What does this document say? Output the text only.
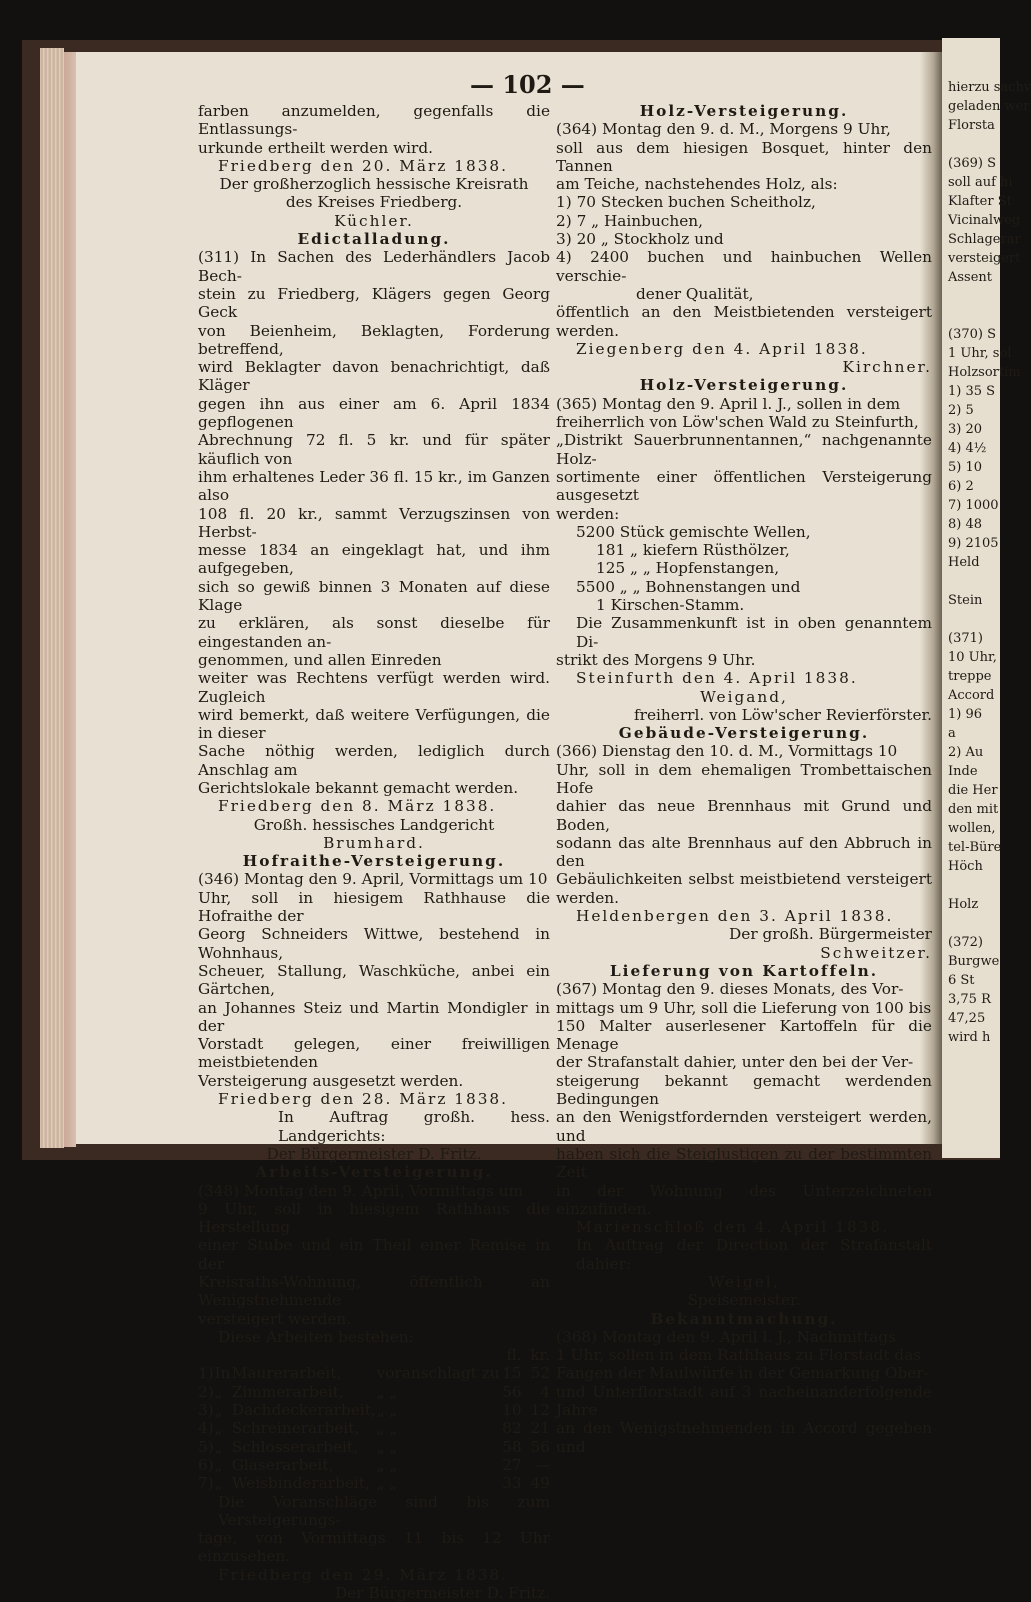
hierzu sachv
geladen wer
Florsta

(369) S
soll auf hi
Klafter St
Vicinalweg
Schlagerar
versteigert
Assent

(370) S
1 Uhr, sol
Holzsortim
1) 35 S
2) 5
3) 20
4) 4½
5) 10
6) 2
7) 1000
8) 48
9) 2105
Held

Stein

(371)
10 Uhr,
treppe
Accord
1) 96
a
2) Au
Inde
die Her
den mit
wollen,
tel-Büre
Höch

Holz

(372)
Burgwe
6 St
3,75 R
47,25
wird h
— 102 —

farben anzumelden, gegenfalls die Entlassungs-

urkunde ertheilt werden wird.

Friedberg den 20. März 1838.

Der großherzoglich hessische Kreisrath

des Kreises Friedberg.

Küchler.

Edictalladung.

(311) In Sachen des Lederhändlers Jacob Bech-

stein zu Friedberg, Klägers gegen Georg Geck

von Beienheim, Beklagten, Forderung betreffend,

wird Beklagter davon benachrichtigt, daß Kläger

gegen ihn aus einer am 6. April 1834 gepflogenen

Abrechnung 72 fl. 5 kr. und für später käuflich von

ihm erhaltenes Leder 36 fl. 15 kr., im Ganzen also

108 fl. 20 kr., sammt Verzugszinsen von Herbst-

messe 1834 an eingeklagt hat, und ihm aufgegeben,

sich so gewiß binnen 3 Monaten auf diese Klage

zu erklären, als sonst dieselbe für eingestanden an-

genommen, und allen Einreden

weiter was Rechtens verfügt werden wird. Zugleich

wird bemerkt, daß weitere Verfügungen, die in dieser

Sache nöthig werden, lediglich durch Anschlag am

Gerichtslokale bekannt gemacht werden.

Friedberg den 8. März 1838.

Großh. hessisches Landgericht

Brumhard.

Hofraithe-Versteigerung.

(346) Montag den 9. April, Vormittags um 10

Uhr, soll in hiesigem Rathhause die Hofraithe der

Georg Schneiders Wittwe, bestehend in Wohnhaus,

Scheuer, Stallung, Waschküche, anbei ein Gärtchen,

an Johannes Steiz und Martin Mondigler in der

Vorstadt gelegen, einer freiwilligen meistbietenden

Versteigerung ausgesetzt werden.

Friedberg den 28. März 1838.

In Auftrag großh. hess. Landgerichts:

Der Bürgermeister D. Fritz.

Arbeits-Versteigerung.

(348) Montag den 9. April, Vormittags um

9 Uhr, soll in hiesigem Rathhaus die Herstellung

einer Stube und ein Theil einer Remise in der

Kreisraths-Wohnung, öffentlich an Wenigstnehmende

versteigert werden.

Diese Arbeiten bestehen:

				fl.	kr.
1)	In	Maurerarbeit,	voranschlagt zu	15	52
2)	„	Zimmerarbeit,	„ „	56	4
3)	„	Dachdeckerarbeit,	„ „	10	12
4)	„	Schreinerarbeit,	„ „	82	21
5)	„	Schlosserarbeit,	„ „	58	56
6)	„	Glaserarbeit,	„ „	27	—
7)	„	Weisbinderarbeit,	„ „	33	49

Die Voranschläge sind bis zum Versteigerungs-

tage, von Vormittags 11 bis 12 Uhr einzusehen.

Friedberg den 29. März 1838.

Der Bürgermeister D. Fritz.

Holz-Versteigerung.

(364) Montag den 9. d. M., Morgens 9 Uhr,

soll aus dem hiesigen Bosquet, hinter den Tannen

am Teiche, nachstehendes Holz, als:

1) 70 Stecken buchen Scheitholz,

2) 7 „ Hainbuchen,

3) 20 „ Stockholz und

4) 2400 buchen und hainbuchen Wellen verschie-

dener Qualität,

öffentlich an den Meistbietenden versteigert werden.

Ziegenberg den 4. April 1838.

Kirchner.

Holz-Versteigerung.

(365) Montag den 9. April l. J., sollen in dem

freiherrlich von Löw'schen Wald zu Steinfurth,

„Distrikt Sauerbrunnentannen,“ nachgenannte Holz-

sortimente einer öffentlichen Versteigerung ausgesetzt

werden:

5200 Stück gemischte Wellen,

181 „ kiefern Rüsthölzer,

125 „ „ Hopfenstangen,

5500 „ „ Bohnenstangen und

1 Kirschen-Stamm.

Die Zusammenkunft ist in oben genanntem Di-

strikt des Morgens 9 Uhr.

Steinfurth den 4. April 1838.

Weigand,

freiherrl. von Löw'scher Revierförster.

Gebäude-Versteigerung.

(366) Dienstag den 10. d. M., Vormittags 10

Uhr, soll in dem ehemaligen Trombettaischen Hofe

dahier das neue Brennhaus mit Grund und Boden,

sodann das alte Brennhaus auf den Abbruch in den

Gebäulichkeiten selbst meistbietend versteigert werden.

Heldenbergen den 3. April 1838.

Der großh. Bürgermeister

Schweitzer.

Lieferung von Kartoffeln.

(367) Montag den 9. dieses Monats, des Vor-

mittags um 9 Uhr, soll die Lieferung von 100 bis

150 Malter auserlesener Kartoffeln für die Menage

der Strafanstalt dahier, unter den bei der Ver-

steigerung bekannt gemacht werdenden Bedingungen

an den Wenigstfordernden versteigert werden, und

haben sich die Steiglustigen zu der bestimmten Zeit

in der Wohnung des Unterzeichneten einzufinden.

Marienschloß den 4. April 1838.

In Auftrag der Direction der Strafanstalt dahier:

Weigel,

Speisemeister.

Bekanntmachung.

(368) Montag den 9. April l. J., Nachmittags

1 Uhr, sollen in dem Rathhaus zu Florstadt das

Fangen der Maulwürfe in der Gemarkung Ober-

und Unterflorstadt auf 3 nacheinanderfolgende Jahre

an den Wenigstnehmenden in Accord gegeben und
